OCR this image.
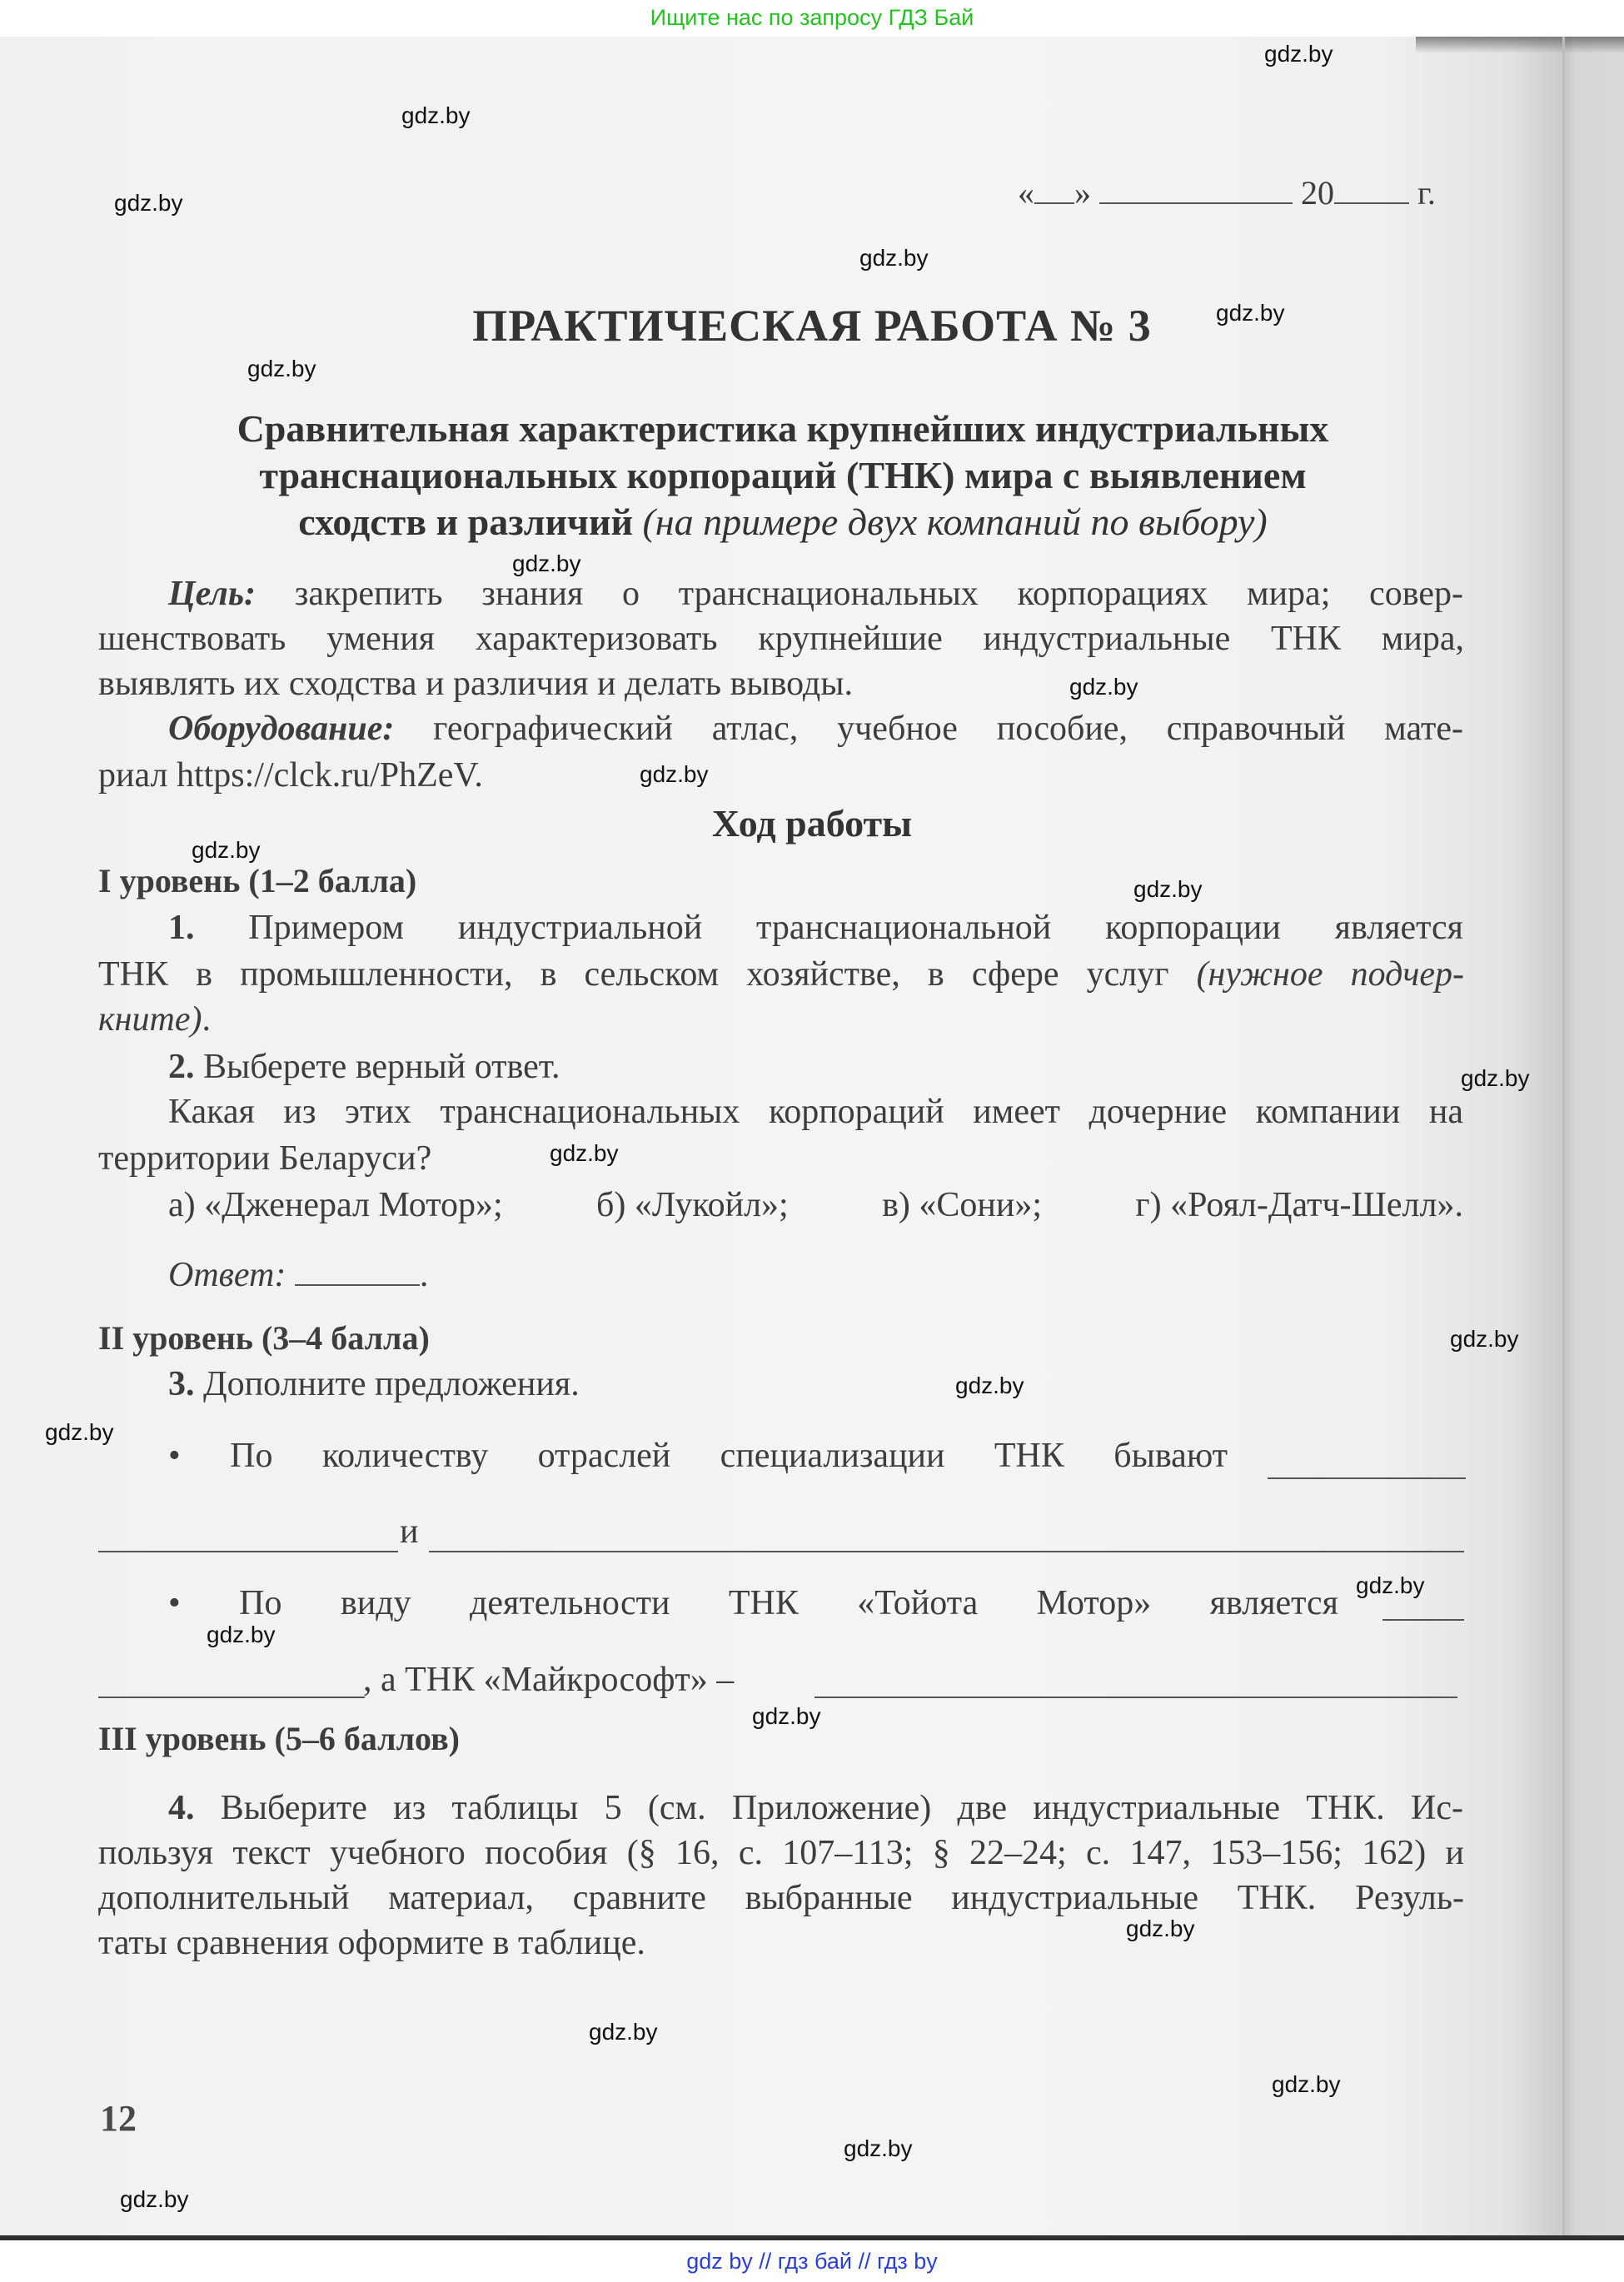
Ищите нас по запросу ГДЗ Бай
« »	20	г.
ПРАКТИЧЕСКАЯ РАБОТА № 3
Сравнительная характеристика крупнейших индустриальных
транснациональных корпораций (ТНК) мира с выявлением
сходств и различий (на примере двух компаний по выбору)
Цель: закрепить знания о транснациональных корпорациях мира; совер-
шенствовать умения характеризовать крупнейшие индустриальные ТНК мира,
выявлять их сходства и различия и делать выводы.
Оборудование: географический атлас, учебное пособие, справочный мате-
риал https://clck.ru/PhZeV.
Ход работы
I уровень (1–2 балла)
1. Примером индустриальной транснациональной корпорации является
ТНК в промышленности, в сельском хозяйстве, в сфере услуг (нужное подчер-
кните).
2. Выберете верный ответ.
Какая из этих транснациональных корпораций имеет дочерние компании на
территории Беларуси?
а) «Дженерал Мотор»;	б) «Лукойл»;	в) «Сони»;	г) «Роял-Датч-Шелл».
Ответ:	.
II уровень (3–4 балла)
3. Дополните предложения.
• По количеству отраслей специализации ТНК бывают
и
• По виду деятельности ТНК «Тойота Мотор» является
, а ТНК «Майкрософт» –
III уровень (5–6 баллов)
4. Выберите из таблицы 5 (см. Приложение) две индустриальные ТНК. Ис-
пользуя текст учебного пособия (§ 16, с. 107–113; § 22–24; с. 147, 153–156; 162) и
дополнительный материал, сравните выбранные индустриальные ТНК. Резуль-
таты сравнения оформите в таблице.
12
gdz.by
gdz.by
gdz.by
gdz.by
gdz.by
gdz.by
gdz.by
gdz.by
gdz.by
gdz.by
gdz.by
gdz.by
gdz.by
gdz.by
gdz.by
gdz.by
gdz.by
gdz.by
gdz.by
gdz.by
gdz.by
gdz.by
gdz.by
gdz.by
gdz by // гдз бай // гдз by
